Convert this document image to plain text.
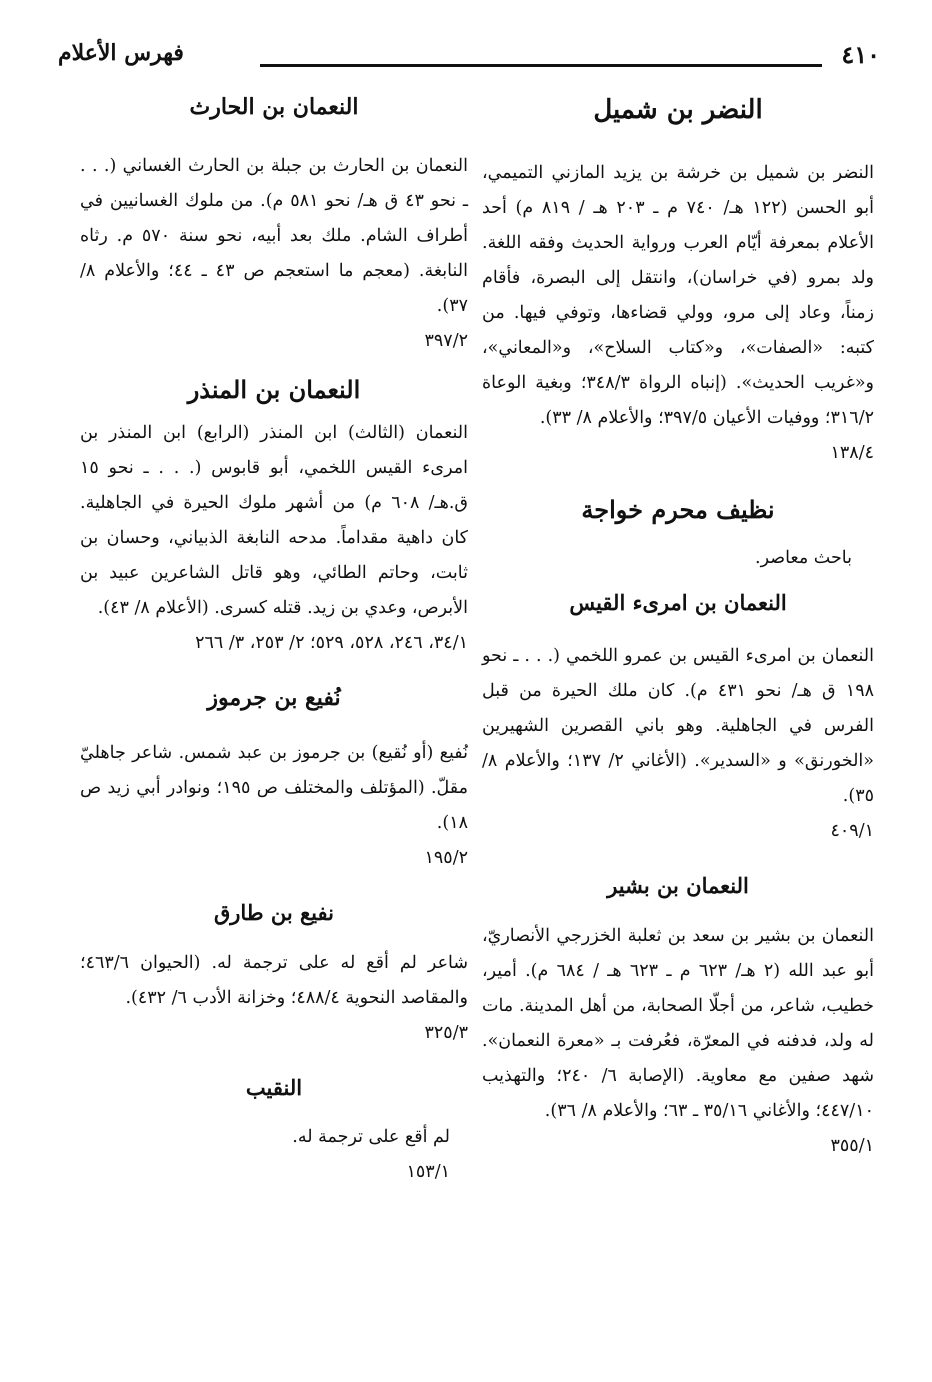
٤١٠
فهرس الأعلام
النضر بن شميل

النضر بن شميل بن خرشة بن يزيد المازني التميمي، أبو الحسن (١٢٢ هـ/ ٧٤٠ م ـ ٢٠٣ هـ / ٨١٩ م) أحد الأعلام بمعرفة أيّام العرب ورواية الحديث وفقه اللغة. ولد بمرو (في خراسان)، وانتقل إلى البصرة، فأقام زمناً، وعاد إلى مرو، وولي قضاءها، وتوفي فيها. من كتبه: «الصفات»، و«كتاب السلاح»، و«المعاني»، و«غريب الحديث». (إنباه الرواة ٣٤٨/٣؛ وبغية الوعاة ٣١٦/٢؛ ووفيات الأعيان ٣٩٧/٥؛ والأعلام ٨/ ٣٣).

١٣٨/٤

نظيف محرم خواجة

باحث معاصر.

النعمان بن امرىء القيس

النعمان بن امرىء القيس بن عمرو اللخمي (. . . ـ نحو ١٩٨ ق هـ/ نحو ٤٣١ م). كان ملك الحيرة من قبل الفرس في الجاهلية. وهو باني القصرين الشهيرين «الخورنق» و «السدير». (الأغاني ٢/ ١٣٧؛ والأعلام ٨/ ٣٥).

٤٠٩/١

النعمان بن بشير

النعمان بن بشير بن سعد بن ثعلبة الخزرجي الأنصاريّ، أبو عبد الله (٢ هـ/ ٦٢٣ م ـ ٦٢٣ هـ / ٦٨٤ م). أمير، خطيب، شاعر، من أجلّا الصحابة، من أهل المدينة. مات له ولد، فدفنه في المعرّة، فعُرفت بـ «معرة النعمان». شهد صفين مع معاوية. (الإصابة ٦/ ٢٤٠؛ والتهذيب ٤٤٧/١٠؛ والأغاني ٣٥/١٦ ـ ٦٣؛ والأعلام ٨/ ٣٦).

٣٥٥/١

النعمان بن الحارث

النعمان بن الحارث بن جبلة بن الحارث الغساني (. . . ـ نحو ٤٣ ق هـ/ نحو ٥٨١ م). من ملوك الغسانيين في أطراف الشام. ملك بعد أبيه، نحو سنة ٥٧٠ م. رثاه النابغة. (معجم ما استعجم ص ٤٣ ـ ٤٤؛ والأعلام ٨/ ٣٧).

٣٩٧/٢

النعمان بن المنذر

النعمان (الثالث) ابن المنذر (الرابع) ابن المنذر بن امرىء القيس اللخمي، أبو قابوس (. . . ـ نحو ١٥ ق.هـ/ ٦٠٨ م) من أشهر ملوك الحيرة في الجاهلية. كان داهية مقداماً. مدحه النابغة الذبياني، وحسان بن ثابت، وحاتم الطائي، وهو قاتل الشاعرين عبيد بن الأبرص، وعدي بن زيد. قتله كسرى. (الأعلام ٨/ ٤٣).

٣٤/١، ٢٤٦، ٥٢٨، ٥٢٩؛ ٢/ ٢٥٣، ٣/ ٢٦٦

نُفيع بن جرموز

نُفيع (أو نُقيع) بن جرموز بن عبد شمس. شاعر جاهليّ مقلّ. (المؤتلف والمختلف ص ١٩٥؛ ونوادر أبي زيد ص ١٨).

١٩٥/٢

نفيع بن طارق

شاعر لم أقع له على ترجمة له. (الحيوان ٤٦٣/٦؛ والمقاصد النحوية ٤٨٨/٤؛ وخزانة الأدب ٦/ ٤٣٢).

٣٢٥/٣

النقيب

لم أقع على ترجمة له.

١٥٣/١
